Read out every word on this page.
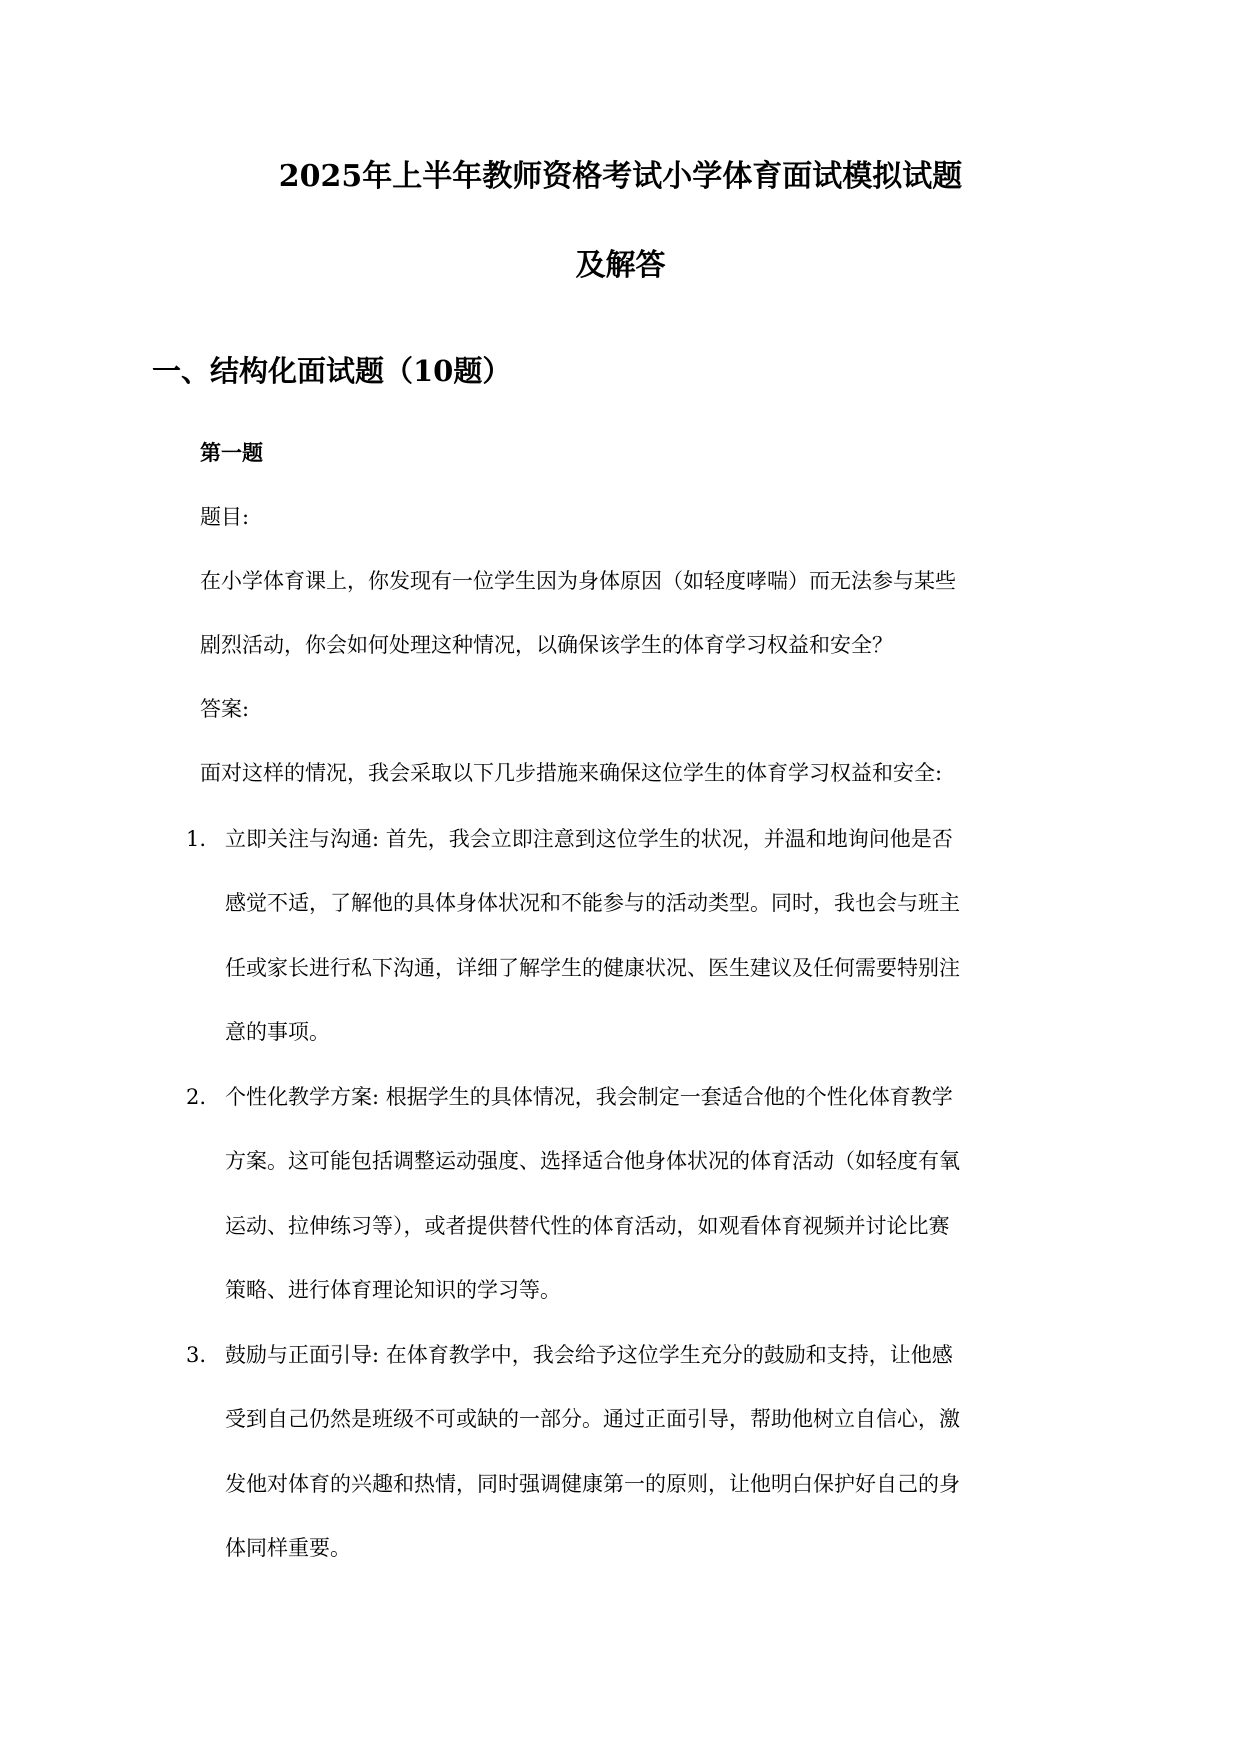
2025年上半年教师资格考试小学体育面试模拟试题
及解答
一、结构化面试题（10题）
第一题
题目:
在小学体育课上，你发现有一位学生因为身体原因（如轻度哮喘）而无法参与某些
剧烈活动，你会如何处理这种情况，以确保该学生的体育学习权益和安全？
答案:
面对这样的情况，我会采取以下几步措施来确保这位学生的体育学习权益和安全:
1. 立即关注与沟通: 首先，我会立即注意到这位学生的状况，并温和地询问他是否
感觉不适，了解他的具体身体状况和不能参与的活动类型。同时，我也会与班主
任或家长进行私下沟通，详细了解学生的健康状况、医生建议及任何需要特别注
意的事项。
2. 个性化教学方案: 根据学生的具体情况，我会制定一套适合他的个性化体育教学
方案。这可能包括调整运动强度、选择适合他身体状况的体育活动（如轻度有氧
运动、拉伸练习等），或者提供替代性的体育活动，如观看体育视频并讨论比赛
策略、进行体育理论知识的学习等。
3. 鼓励与正面引导: 在体育教学中，我会给予这位学生充分的鼓励和支持，让他感
受到自己仍然是班级不可或缺的一部分。通过正面引导，帮助他树立自信心，激
发他对体育的兴趣和热情，同时强调健康第一的原则，让他明白保护好自己的身
体同样重要。
